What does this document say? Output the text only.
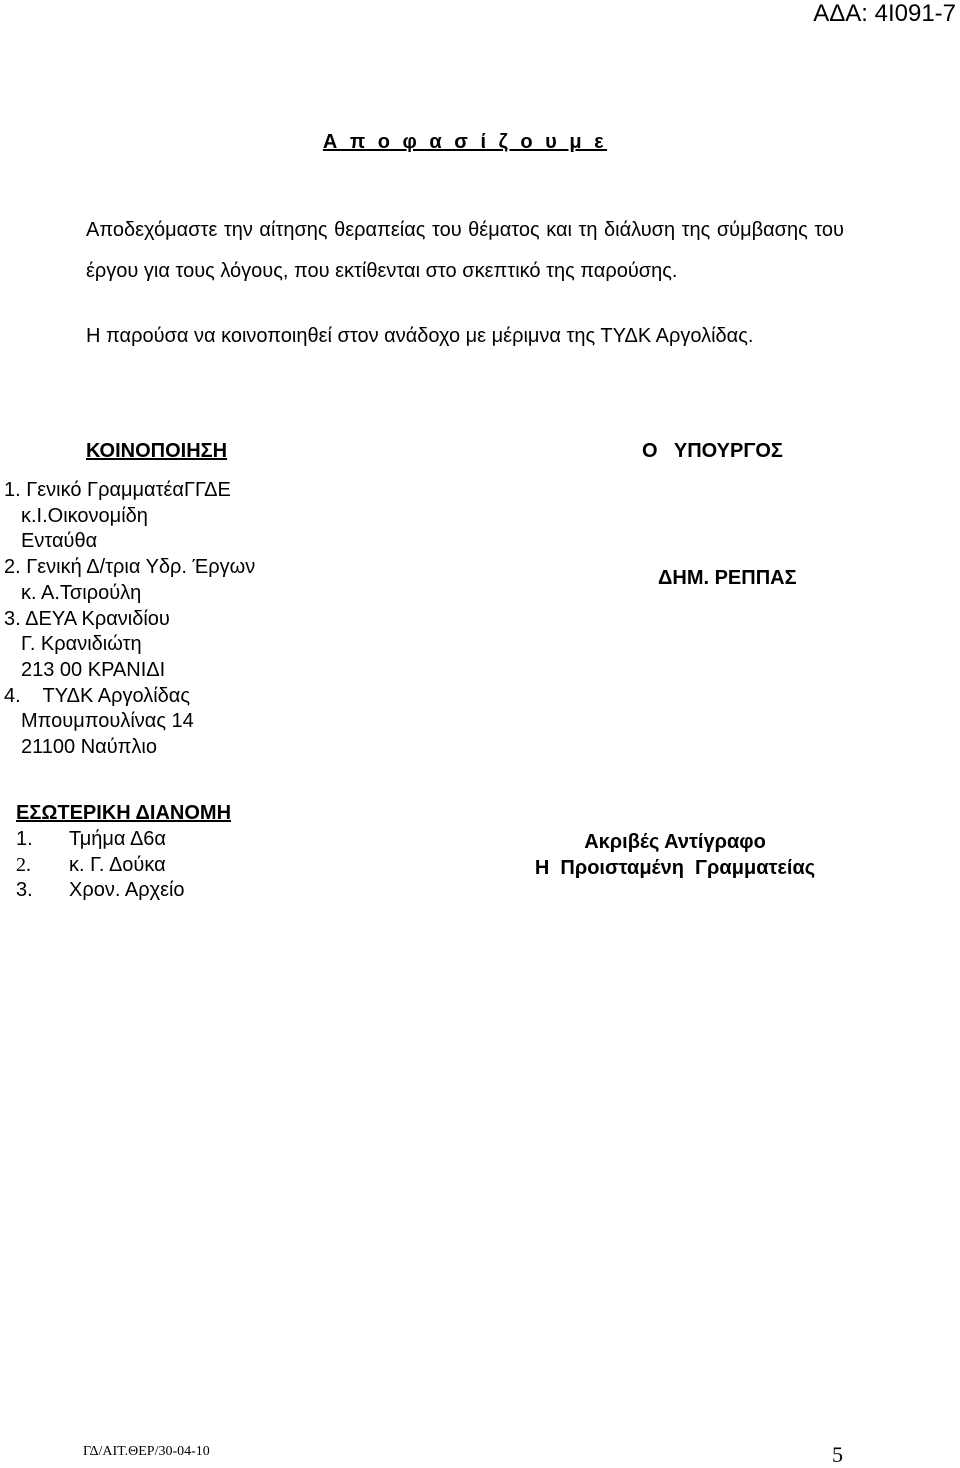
ΑΔΑ: 4Ι091-7
Α π ο φ α σ ί ζ ο υ μ ε
Αποδεχόμαστε την αίτησης θεραπείας του θέματος και τη διάλυση της σύμβασης του έργου για τους λόγους, που εκτίθενται στο σκεπτικό της παρούσης.
Η παρούσα να κοινοποιηθεί στον ανάδοχο με μέριμνα της ΤΥΔΚ Αργολίδας.
ΚΟΙΝΟΠΟΙΗΣΗ
1. Γενικό ΓραμματέαΓΓΔΕ
κ.Ι.Οικονομίδη
Ενταύθα
2. Γενική Δ/τρια Υδρ. Έργων
κ. Α.Τσιρούλη
3. ΔΕΥΑ Κρανιδίου
Γ. Κρανιδιώτη
213 00 ΚΡΑΝΙΔΙ
4.    ΤΥΔΚ Αργολίδας
Μπουμπουλίνας 14
21100 Ναύπλιο
Ο   ΥΠΟΥΡΓΟΣ
ΔΗΜ. ΡΕΠΠΑΣ
ΕΣΩΤΕΡΙΚΗ ΔΙΑΝΟΜΗ
1. Τμήμα Δ6α
2. κ. Γ. Δούκα
3. Χρον. Αρχείο
Ακριβές Αντίγραφο
Η  Προισταμένη  Γραμματείας
ΓΔ/ΑΙΤ.ΘΕΡ/30-04-10	5
